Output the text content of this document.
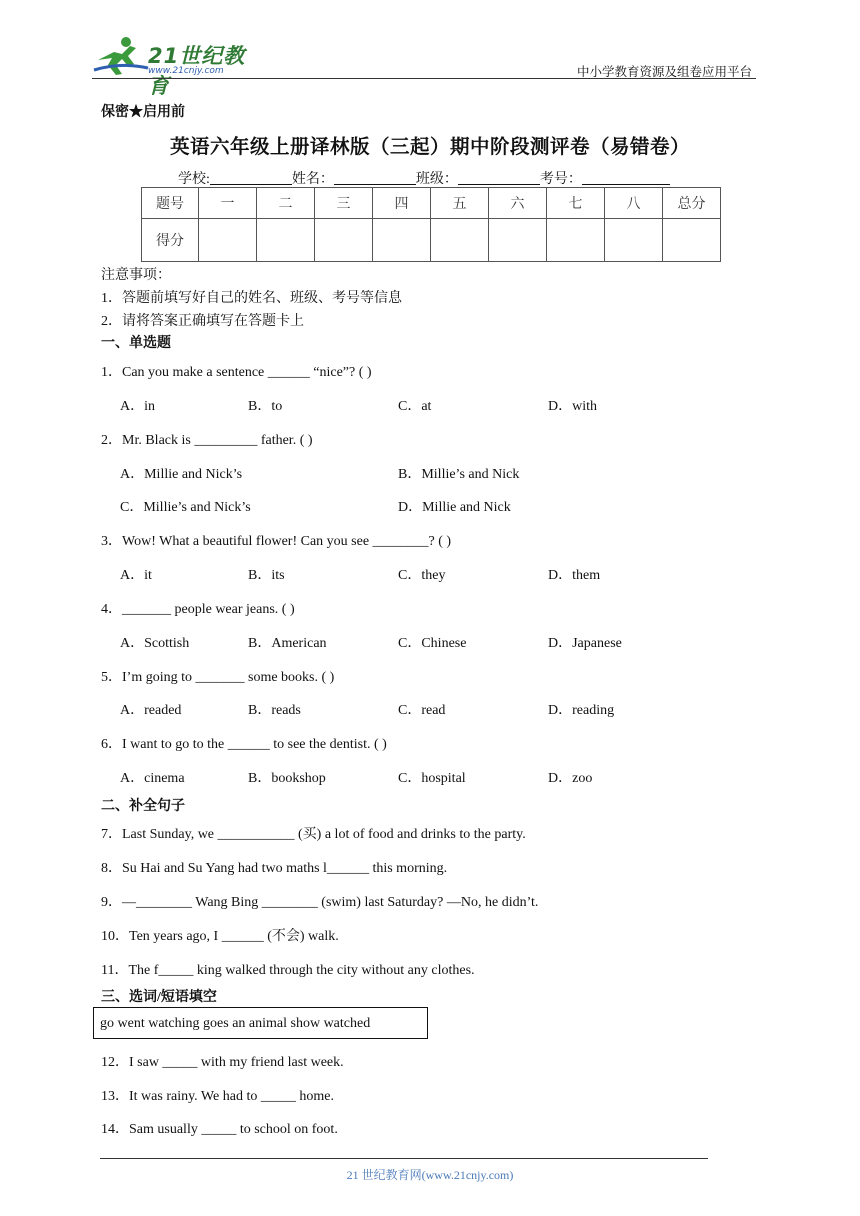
21世纪教育
www.21cnjy.com	中小学教育资源及组卷应用平台
保密★启用前
英语六年级上册译林版（三起）期中阶段测评卷（易错卷）
学校:	姓名：	班级：	考号：
题号	一	二	三	四	五	六	七	八	总分
得分									
注意事项：
1．答题前填写好自己的姓名、班级、考号等信息
2．请将答案正确填写在答题卡上
一、单选题
1．Can you make a sentence ______ “nice”? ( )
A．in	B．to	C．at	D．with
2．Mr. Black is _________ father. ( )
A．Millie and Nick’s	B．Millie’s and Nick
C．Millie’s and Nick’s	D．Millie and Nick
3．Wow! What a beautiful flower! Can you see ________? ( )
A．it	B．its	C．they	D．them
4．_______ people wear jeans. ( )
A．Scottish	B．American	C．Chinese	D．Japanese
5．I’m going to _______ some books. ( )
A．readed	B．reads	C．read	D．reading
6．I want to go to the ______ to see the dentist. ( )
A．cinema	B．bookshop	C．hospital	D．zoo
二、补全句子
7．Last Sunday, we ___________ (买) a lot of food and drinks to the party.
8．Su Hai and Su Yang had two maths l______ this morning.
9．—________ Wang Bing ________ (swim) last Saturday? —No, he didn’t.
10．Ten years ago, I ______ (不会) walk.
11．The f_____ king walked through the city without any clothes.
三、选词/短语填空
go went watching goes an animal show watched
12．I saw _____ with my friend last week.
13．It was rainy. We had to _____ home.
14．Sam usually _____ to school on foot.
21 世纪教育网(www.21cnjy.com)
